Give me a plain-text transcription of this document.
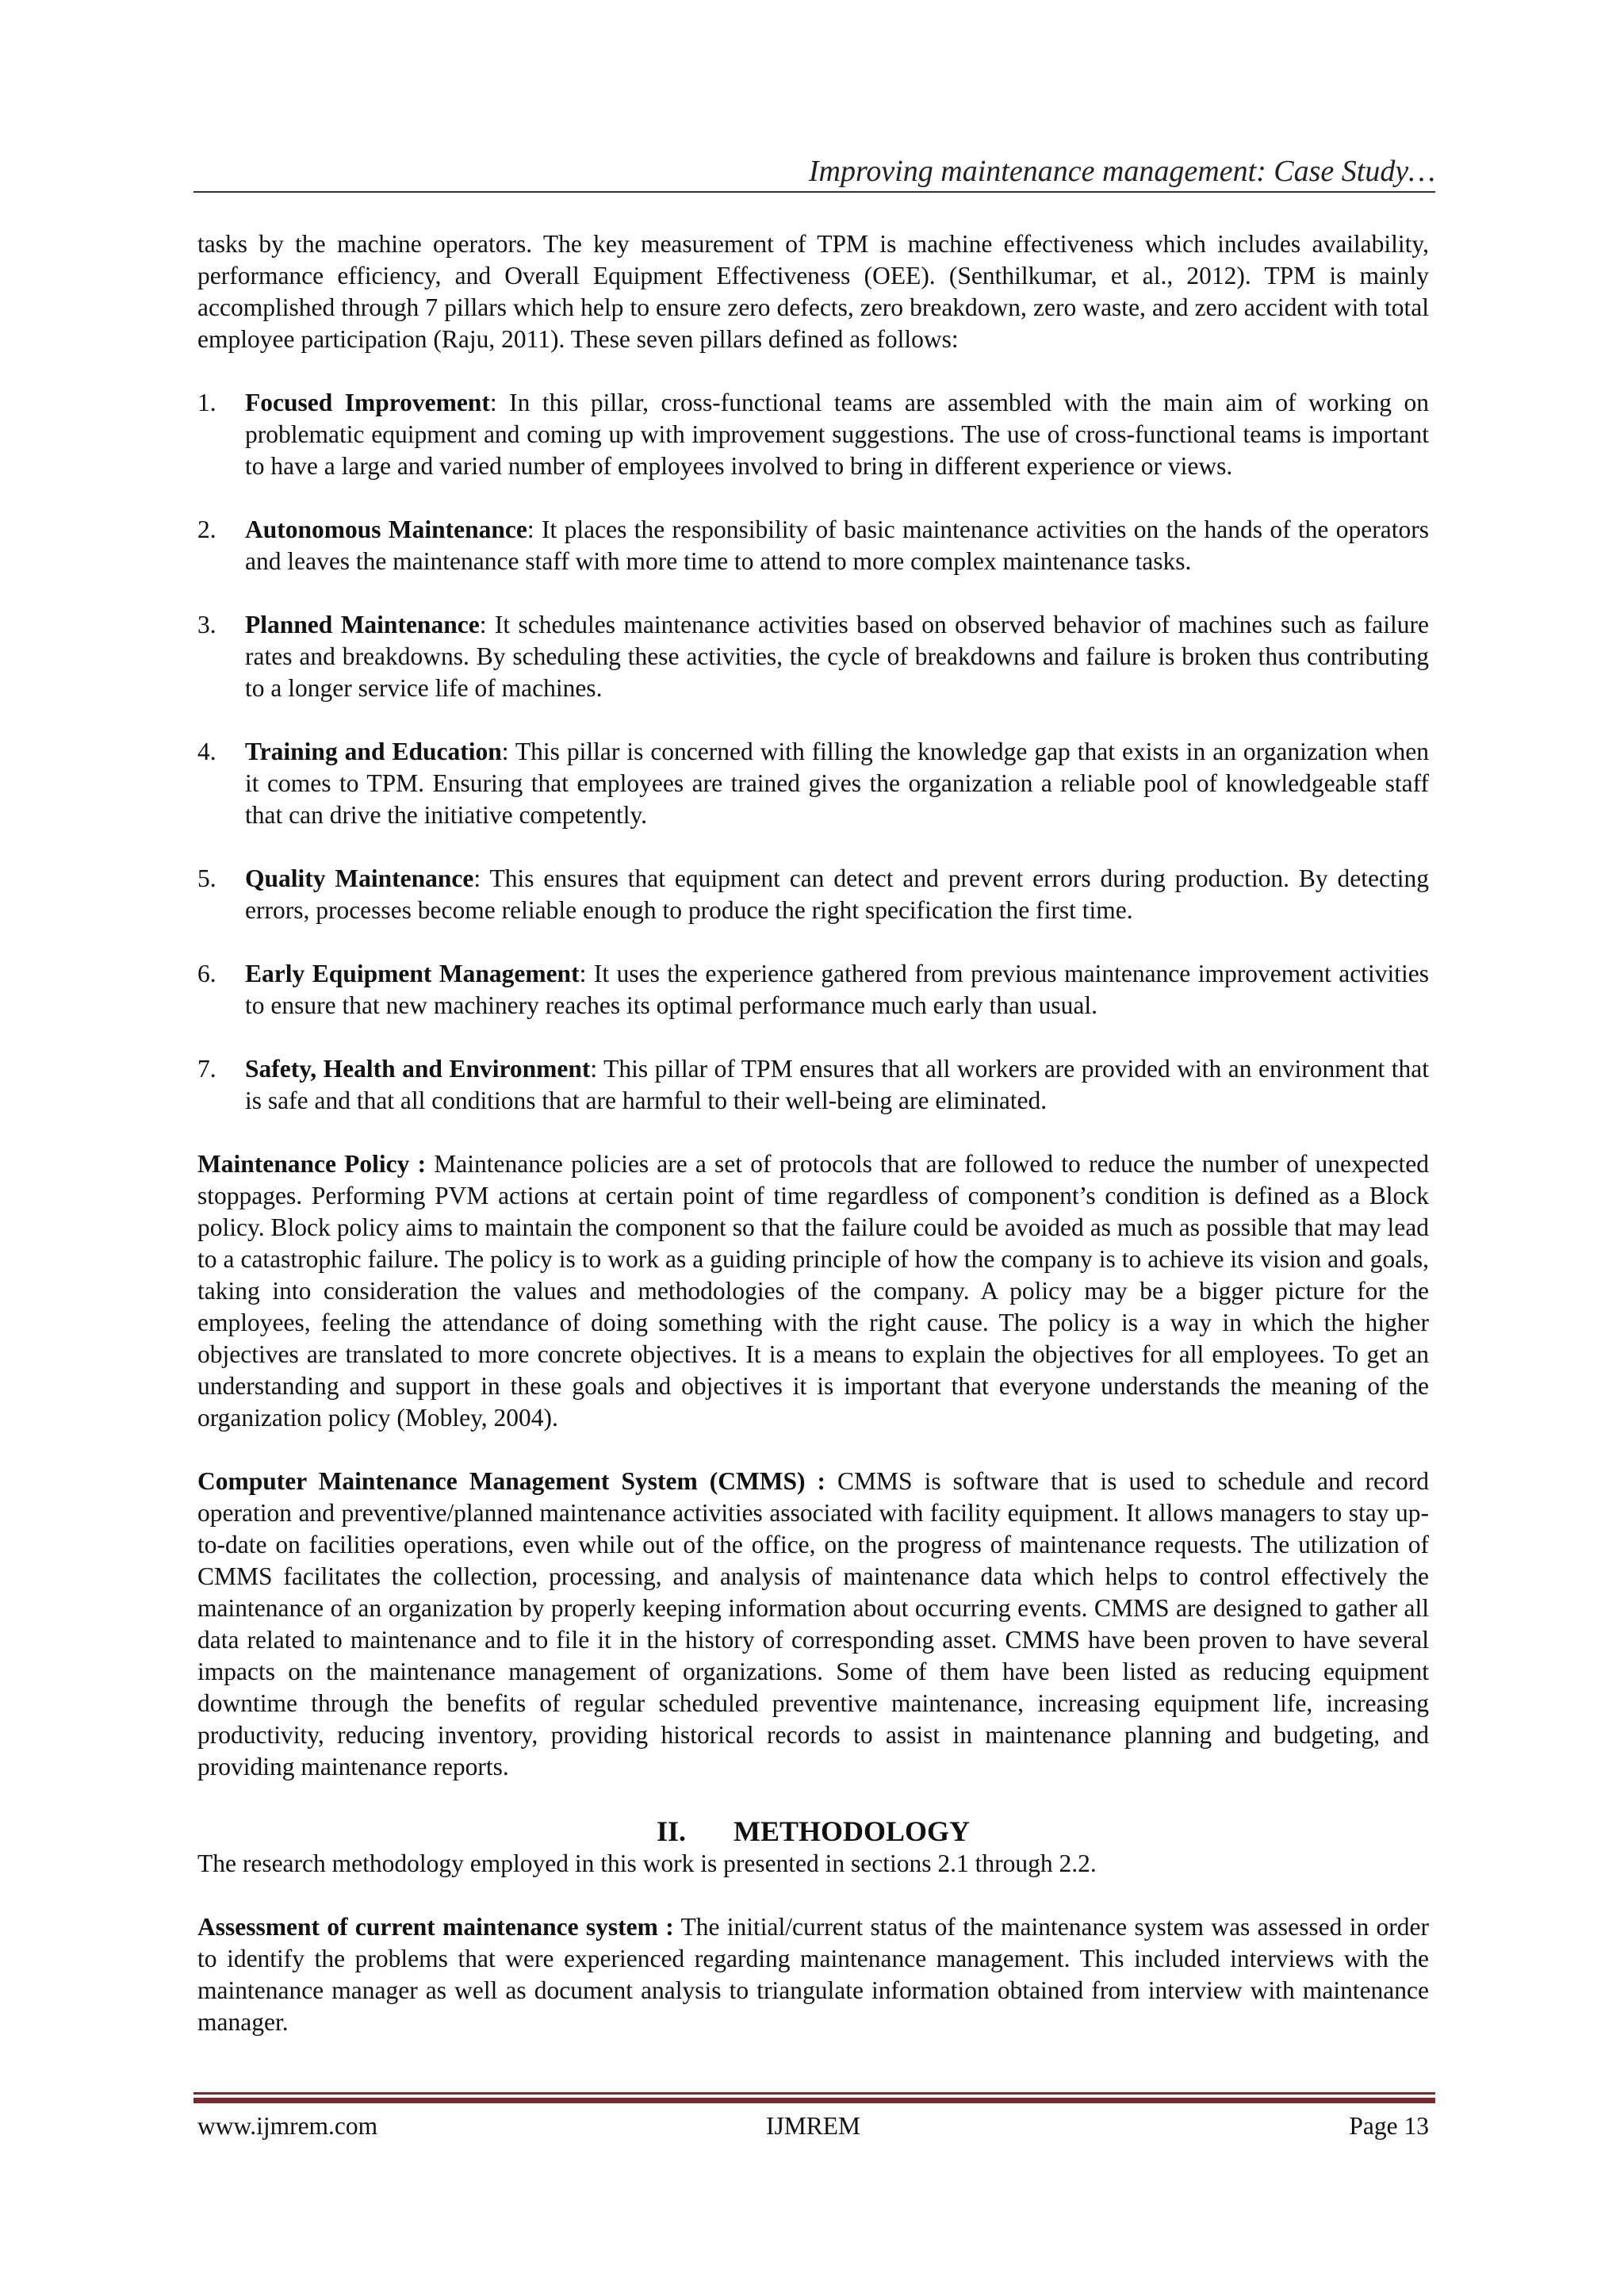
Improving maintenance management: Case Study…

tasks by the machine operators. The key measurement of TPM is machine effectiveness which includes availability, performance efficiency, and Overall Equipment Effectiveness (OEE). (Senthilkumar, et al., 2012). TPM is mainly accomplished through 7 pillars which help to ensure zero defects, zero breakdown, zero waste, and zero accident with total employee participation (Raju, 2011). These seven pillars defined as follows:

1. Focused Improvement: In this pillar, cross-functional teams are assembled with the main aim of working on problematic equipment and coming up with improvement suggestions. The use of cross-functional teams is important to have a large and varied number of employees involved to bring in different experience or views.
2. Autonomous Maintenance: It places the responsibility of basic maintenance activities on the hands of the operators and leaves the maintenance staff with more time to attend to more complex maintenance tasks.
3. Planned Maintenance: It schedules maintenance activities based on observed behavior of machines such as failure rates and breakdowns. By scheduling these activities, the cycle of breakdowns and failure is broken thus contributing to a longer service life of machines.
4. Training and Education: This pillar is concerned with filling the knowledge gap that exists in an organization when it comes to TPM. Ensuring that employees are trained gives the organization a reliable pool of knowledgeable staff that can drive the initiative competently.
5. Quality Maintenance: This ensures that equipment can detect and prevent errors during production. By detecting errors, processes become reliable enough to produce the right specification the first time.
6. Early Equipment Management: It uses the experience gathered from previous maintenance improvement activities to ensure that new machinery reaches its optimal performance much early than usual.
7. Safety, Health and Environment: This pillar of TPM ensures that all workers are provided with an environment that is safe and that all conditions that are harmful to their well-being are eliminated.

Maintenance Policy : Maintenance policies are a set of protocols that are followed to reduce the number of unexpected stoppages. Performing PVM actions at certain point of time regardless of component’s condition is defined as a Block policy. Block policy aims to maintain the component so that the failure could be avoided as much as possible that may lead to a catastrophic failure. The policy is to work as a guiding principle of how the company is to achieve its vision and goals, taking into consideration the values and methodologies of the company. A policy may be a bigger picture for the employees, feeling the attendance of doing something with the right cause. The policy is a way in which the higher objectives are translated to more concrete objectives. It is a means to explain the objectives for all employees. To get an understanding and support in these goals and objectives it is important that everyone understands the meaning of the organization policy (Mobley, 2004).

Computer Maintenance Management System (CMMS) : CMMS is software that is used to schedule and record operation and preventive/planned maintenance activities associated with facility equipment. It allows managers to stay up-to-date on facilities operations, even while out of the office, on the progress of maintenance requests. The utilization of CMMS facilitates the collection, processing, and analysis of maintenance data which helps to control effectively the maintenance of an organization by properly keeping information about occurring events. CMMS are designed to gather all data related to maintenance and to file it in the history of corresponding asset. CMMS have been proven to have several impacts on the maintenance management of organizations. Some of them have been listed as reducing equipment downtime through the benefits of regular scheduled preventive maintenance, increasing equipment life, increasing productivity, reducing inventory, providing historical records to assist in maintenance planning and budgeting, and providing maintenance reports.

II. METHODOLOGY

The research methodology employed in this work is presented in sections 2.1 through 2.2.

Assessment of current maintenance system : The initial/current status of the maintenance system was assessed in order to identify the problems that were experienced regarding maintenance management. This included interviews with the maintenance manager as well as document analysis to triangulate information obtained from interview with maintenance manager.

www.ijmrem.com	IJMREM	Page 13
